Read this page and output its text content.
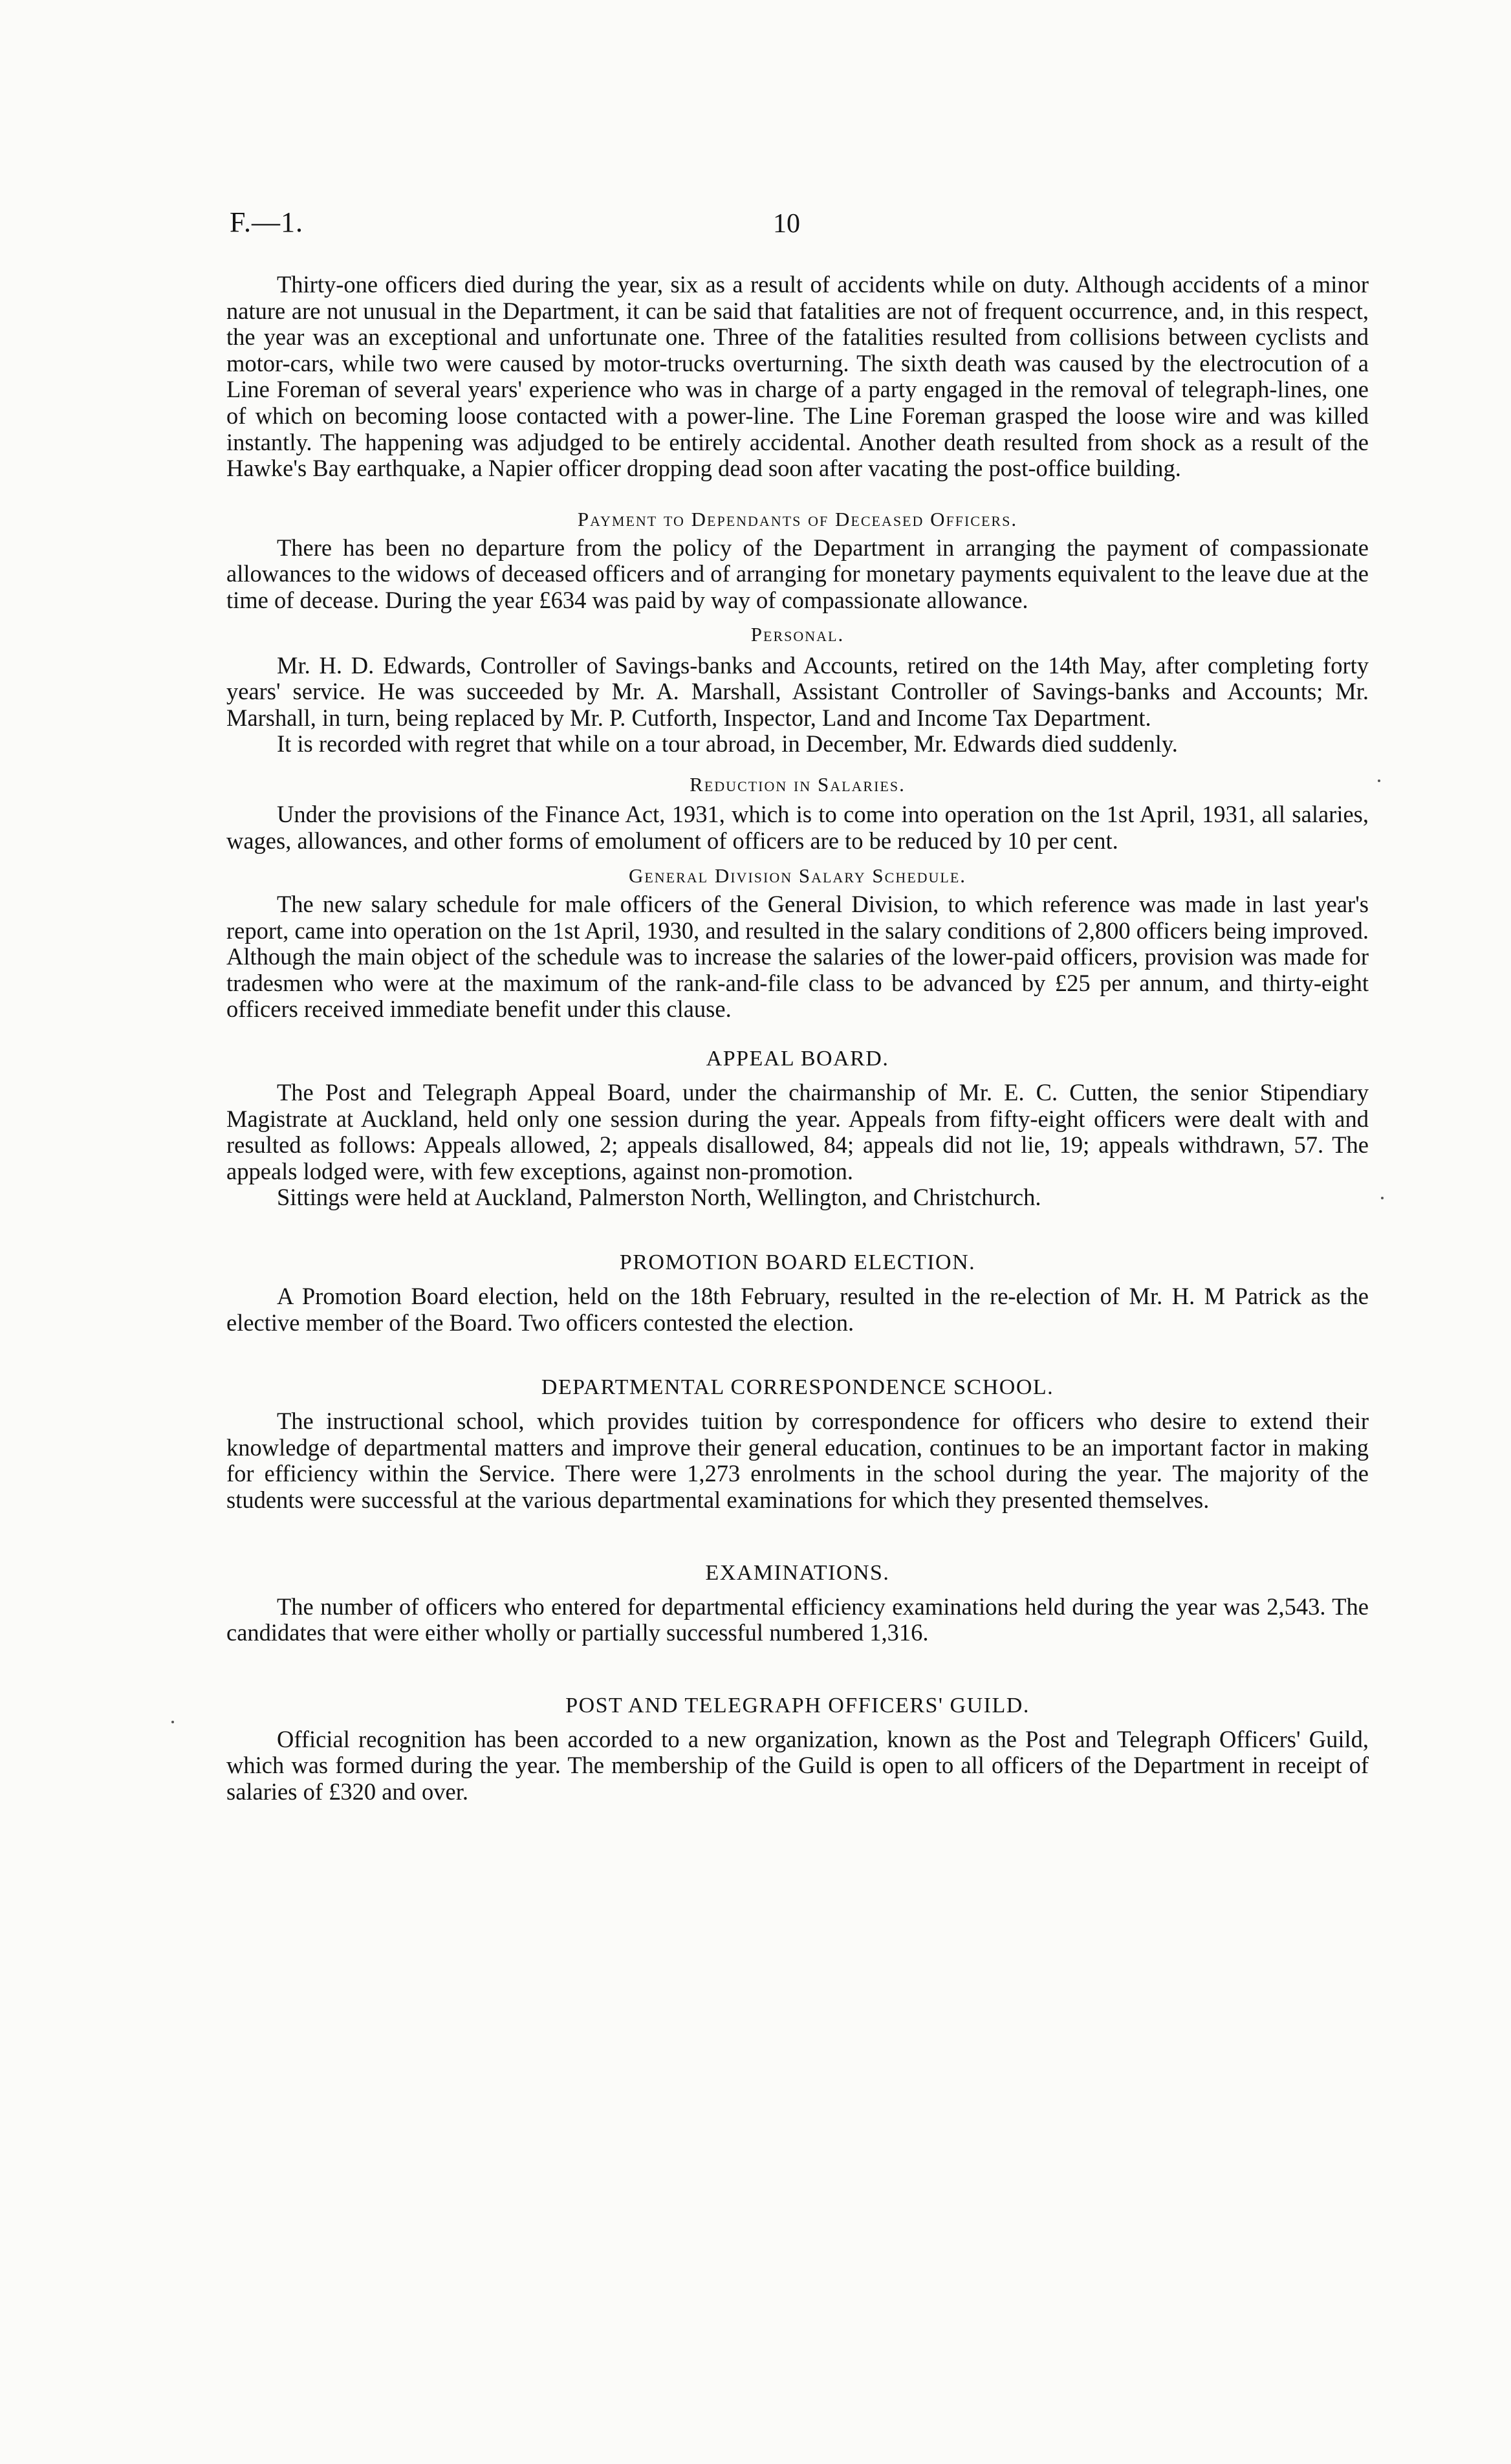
F.—1.	10

Thirty-one officers died during the year, six as a result of accidents while on duty. Although accidents of a minor nature are not unusual in the Department, it can be said that fatalities are not of frequent occurrence, and, in this respect, the year was an exceptional and unfortunate one. Three of the fatalities resulted from collisions between cyclists and motor-cars, while two were caused by motor-trucks overturning. The sixth death was caused by the electrocution of a Line Foreman of several years' experience who was in charge of a party engaged in the removal of telegraph-lines, one of which on becoming loose contacted with a power-line. The Line Foreman grasped the loose wire and was killed instantly. The happening was adjudged to be entirely accidental. Another death resulted from shock as a result of the Hawke's Bay earthquake, a Napier officer dropping dead soon after vacating the post-office building.

Payment to Dependants of Deceased Officers.

There has been no departure from the policy of the Department in arranging the payment of compassionate allowances to the widows of deceased officers and of arranging for monetary payments equivalent to the leave due at the time of decease. During the year £634 was paid by way of compassionate allowance.

Personal.

Mr. H. D. Edwards, Controller of Savings-banks and Accounts, retired on the 14th May, after completing forty years' service. He was succeeded by Mr. A. Marshall, Assistant Controller of Savings-banks and Accounts; Mr. Marshall, in turn, being replaced by Mr. P. Cutforth, Inspector, Land and Income Tax Department.

It is recorded with regret that while on a tour abroad, in December, Mr. Edwards died suddenly.

Reduction in Salaries.

Under the provisions of the Finance Act, 1931, which is to come into operation on the 1st April, 1931, all salaries, wages, allowances, and other forms of emolument of officers are to be reduced by 10 per cent.

General Division Salary Schedule.

The new salary schedule for male officers of the General Division, to which reference was made in last year's report, came into operation on the 1st April, 1930, and resulted in the salary conditions of 2,800 officers being improved. Although the main object of the schedule was to increase the salaries of the lower-paid officers, provision was made for tradesmen who were at the maximum of the rank-and-file class to be advanced by £25 per annum, and thirty-eight officers received immediate benefit under this clause.

APPEAL BOARD.

The Post and Telegraph Appeal Board, under the chairmanship of Mr. E. C. Cutten, the senior Stipendiary Magistrate at Auckland, held only one session during the year. Appeals from fifty-eight officers were dealt with and resulted as follows: Appeals allowed, 2; appeals disallowed, 84; appeals did not lie, 19; appeals withdrawn, 57. The appeals lodged were, with few exceptions, against non-promotion.

Sittings were held at Auckland, Palmerston North, Wellington, and Christchurch.

PROMOTION BOARD ELECTION.

A Promotion Board election, held on the 18th February, resulted in the re-election of Mr. H. M Patrick as the elective member of the Board. Two officers contested the election.

DEPARTMENTAL CORRESPONDENCE SCHOOL.

The instructional school, which provides tuition by correspondence for officers who desire to extend their knowledge of departmental matters and improve their general education, continues to be an important factor in making for efficiency within the Service. There were 1,273 enrolments in the school during the year. The majority of the students were successful at the various departmental examinations for which they presented themselves.

EXAMINATIONS.

The number of officers who entered for departmental efficiency examinations held during the year was 2,543. The candidates that were either wholly or partially successful numbered 1,316.

POST AND TELEGRAPH OFFICERS' GUILD.

Official recognition has been accorded to a new organization, known as the Post and Telegraph Officers' Guild, which was formed during the year. The membership of the Guild is open to all officers of the Department in receipt of salaries of £320 and over.
